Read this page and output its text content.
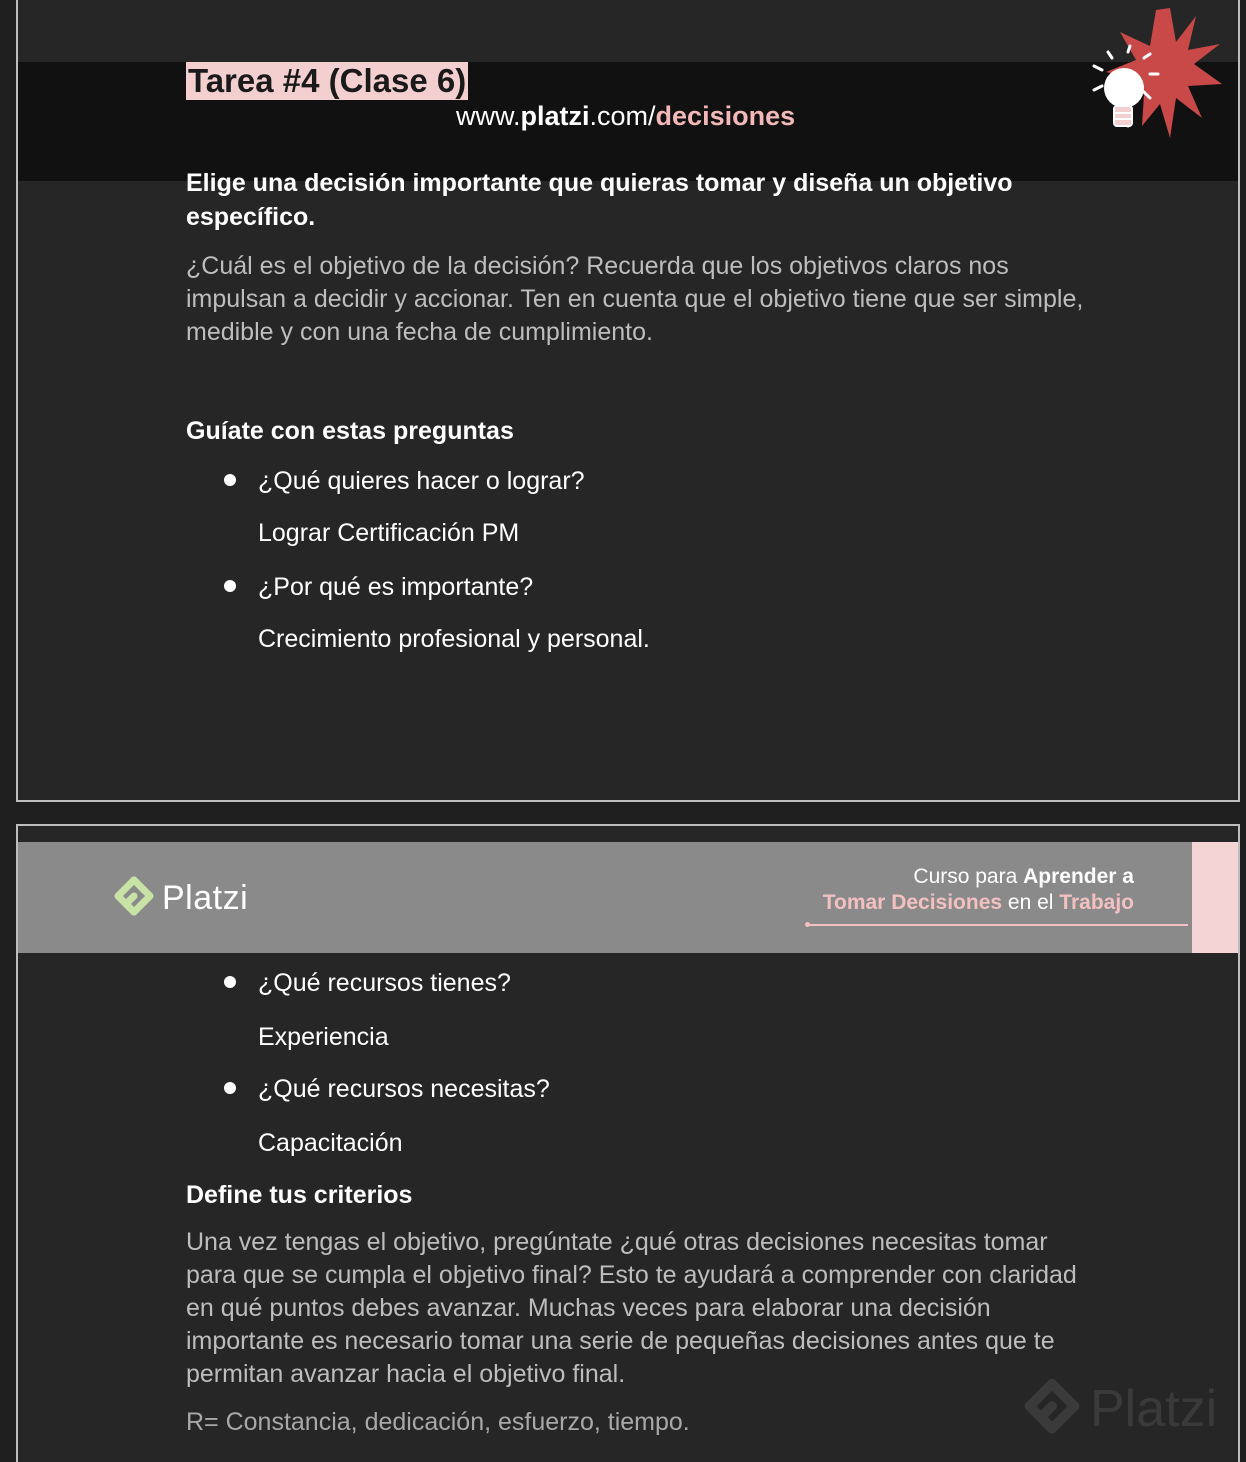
Tarea #4 (Clase 6)
www.platzi.com/decisiones
Elige una decisión importante que quieras tomar y diseña un objetivo específico.
¿Cuál es el objetivo de la decisión? Recuerda que los objetivos claros nos impulsan a decidir y accionar. Ten en cuenta que el objetivo tiene que ser simple, medible y con una fecha de cumplimiento.
Guíate con estas preguntas
¿Qué quieres hacer o lograr?
Lograr Certificación PM
¿Por qué es importante?
Crecimiento profesional y personal.
Platzi
Curso para Aprender a
Tomar Decisiones en el Trabajo
¿Qué recursos tienes?
Experiencia
¿Qué recursos necesitas?
Capacitación
Define tus criterios
Una vez tengas el objetivo, pregúntate ¿qué otras decisiones necesitas tomar para que se cumpla el objetivo final? Esto te ayudará a comprender con claridad en qué puntos debes avanzar. Muchas veces para elaborar una decisión importante es necesario tomar una serie de pequeñas decisiones antes que te permitan avanzar hacia el objetivo final.
R= Constancia, dedicación, esfuerzo, tiempo.	Platzi
